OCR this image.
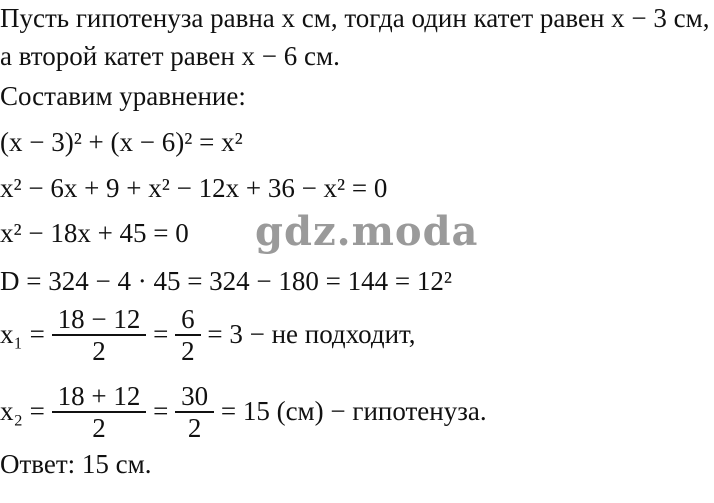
Пусть гипотенуза равна x см, тогда один катет равен x − 3 см,
а второй катет равен x − 6 см.
Составим уравнение:
(x − 3)² + (x − 6)² = x²
x² − 6x + 9 + x² − 12x + 36 − x² = 0
x² − 18x + 45 = 0
D = 324 − 4 · 45 = 324 − 180 = 144 = 12²
$x_1 = \frac{18 - 12}{2} = \frac{6}{2} = 3$ − не подходит,
$x_2 = \frac{18 + 12}{2} = \frac{30}{2} = 15$ (см) − гипотенуза.
Ответ: 15 см.
gdz.moda
